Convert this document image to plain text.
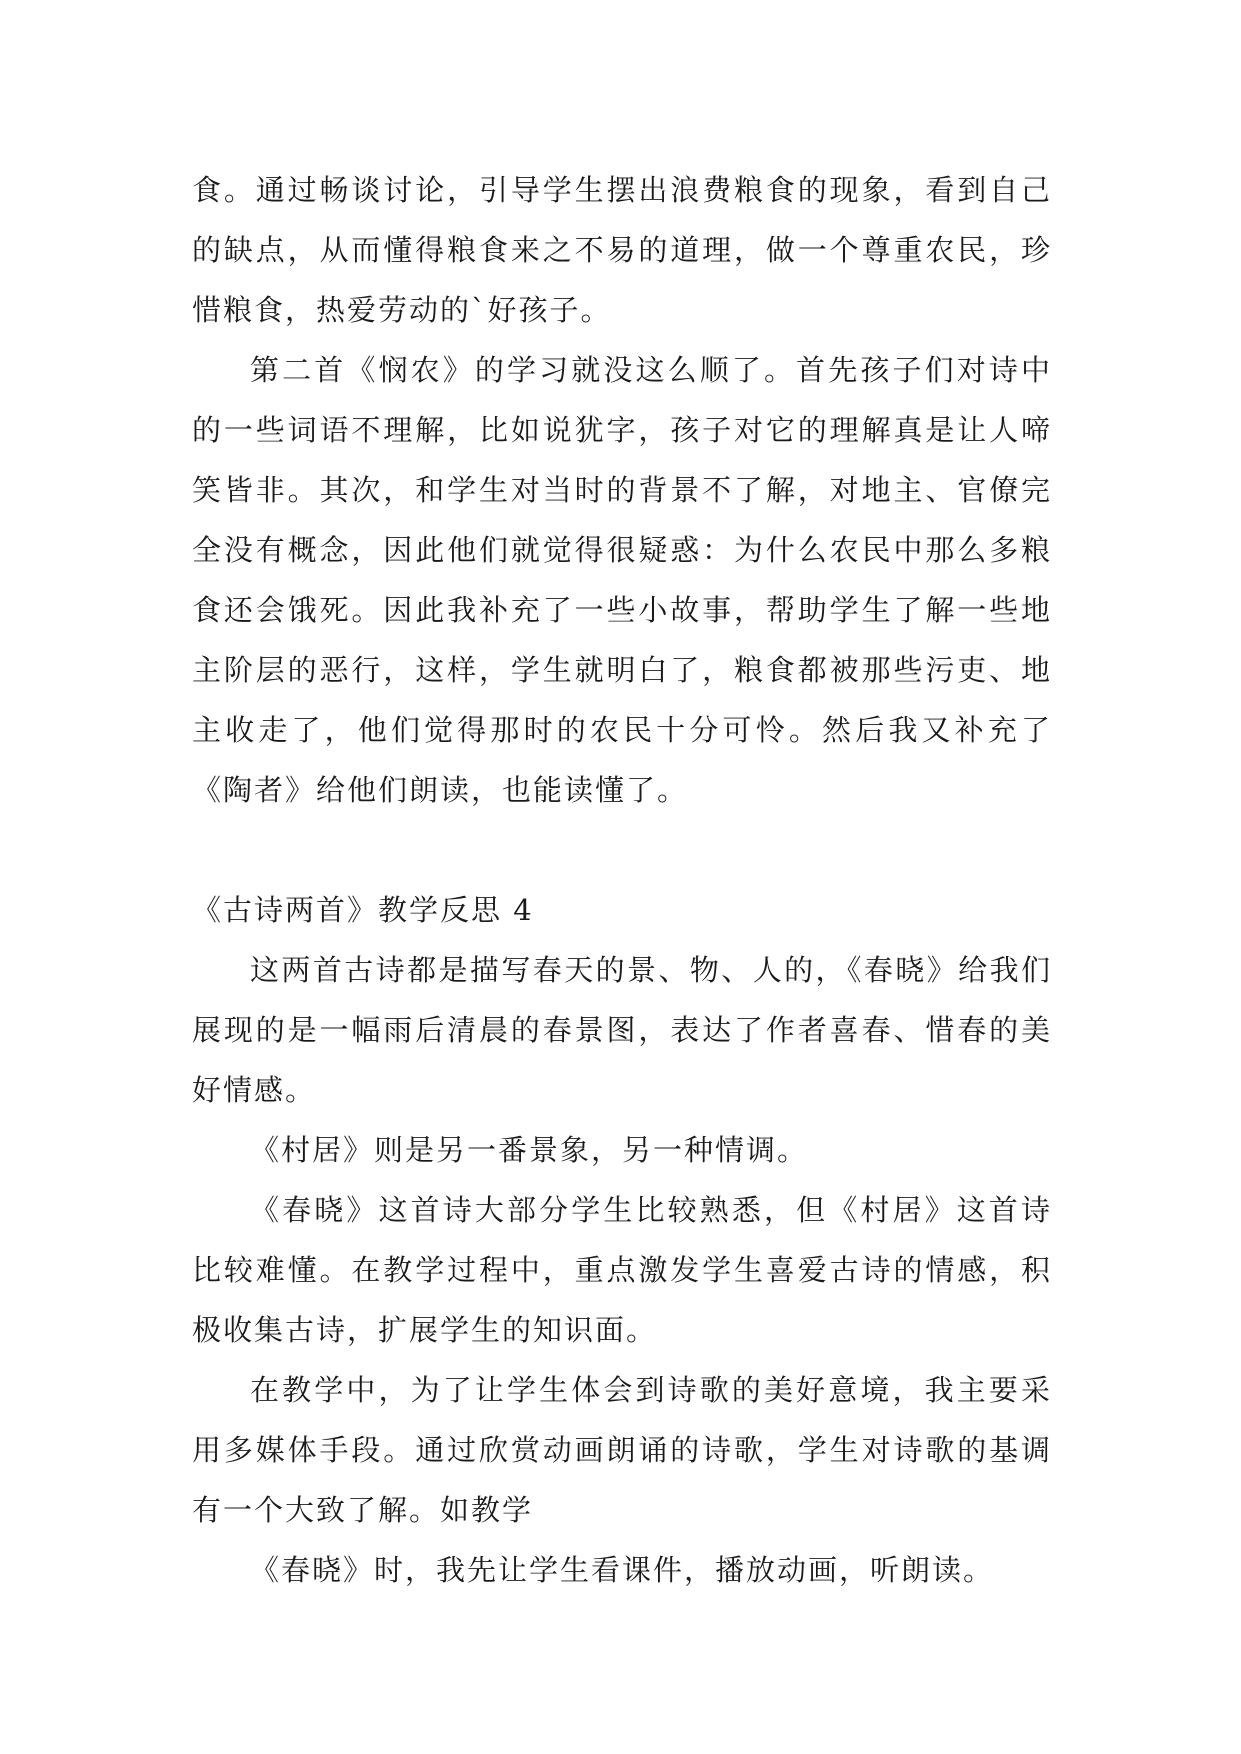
食。通过畅谈讨论，引导学生摆出浪费粮食的现象，看到自己的缺点，从而懂得粮食来之不易的道理，做一个尊重农民，珍惜粮食，热爱劳动的`好孩子。

第二首《悯农》的学习就没这么顺了。首先孩子们对诗中的一些词语不理解，比如说犹字，孩子对它的理解真是让人啼笑皆非。其次，和学生对当时的背景不了解，对地主、官僚完全没有概念，因此他们就觉得很疑惑：为什么农民中那么多粮食还会饿死。因此我补充了一些小故事，帮助学生了解一些地主阶层的恶行，这样，学生就明白了，粮食都被那些污吏、地主收走了，他们觉得那时的农民十分可怜。然后我又补充了《陶者》给他们朗读，也能读懂了。

《古诗两首》教学反思 4

这两首古诗都是描写春天的景、物、人的，《春晓》给我们展现的是一幅雨后清晨的春景图，表达了作者喜春、惜春的美好情感。

《村居》则是另一番景象，另一种情调。

《春晓》这首诗大部分学生比较熟悉，但《村居》这首诗比较难懂。在教学过程中，重点激发学生喜爱古诗的情感，积极收集古诗，扩展学生的知识面。

在教学中，为了让学生体会到诗歌的美好意境，我主要采用多媒体手段。通过欣赏动画朗诵的诗歌，学生对诗歌的基调有一个大致了解。如教学

《春晓》时，我先让学生看课件，播放动画，听朗读。
